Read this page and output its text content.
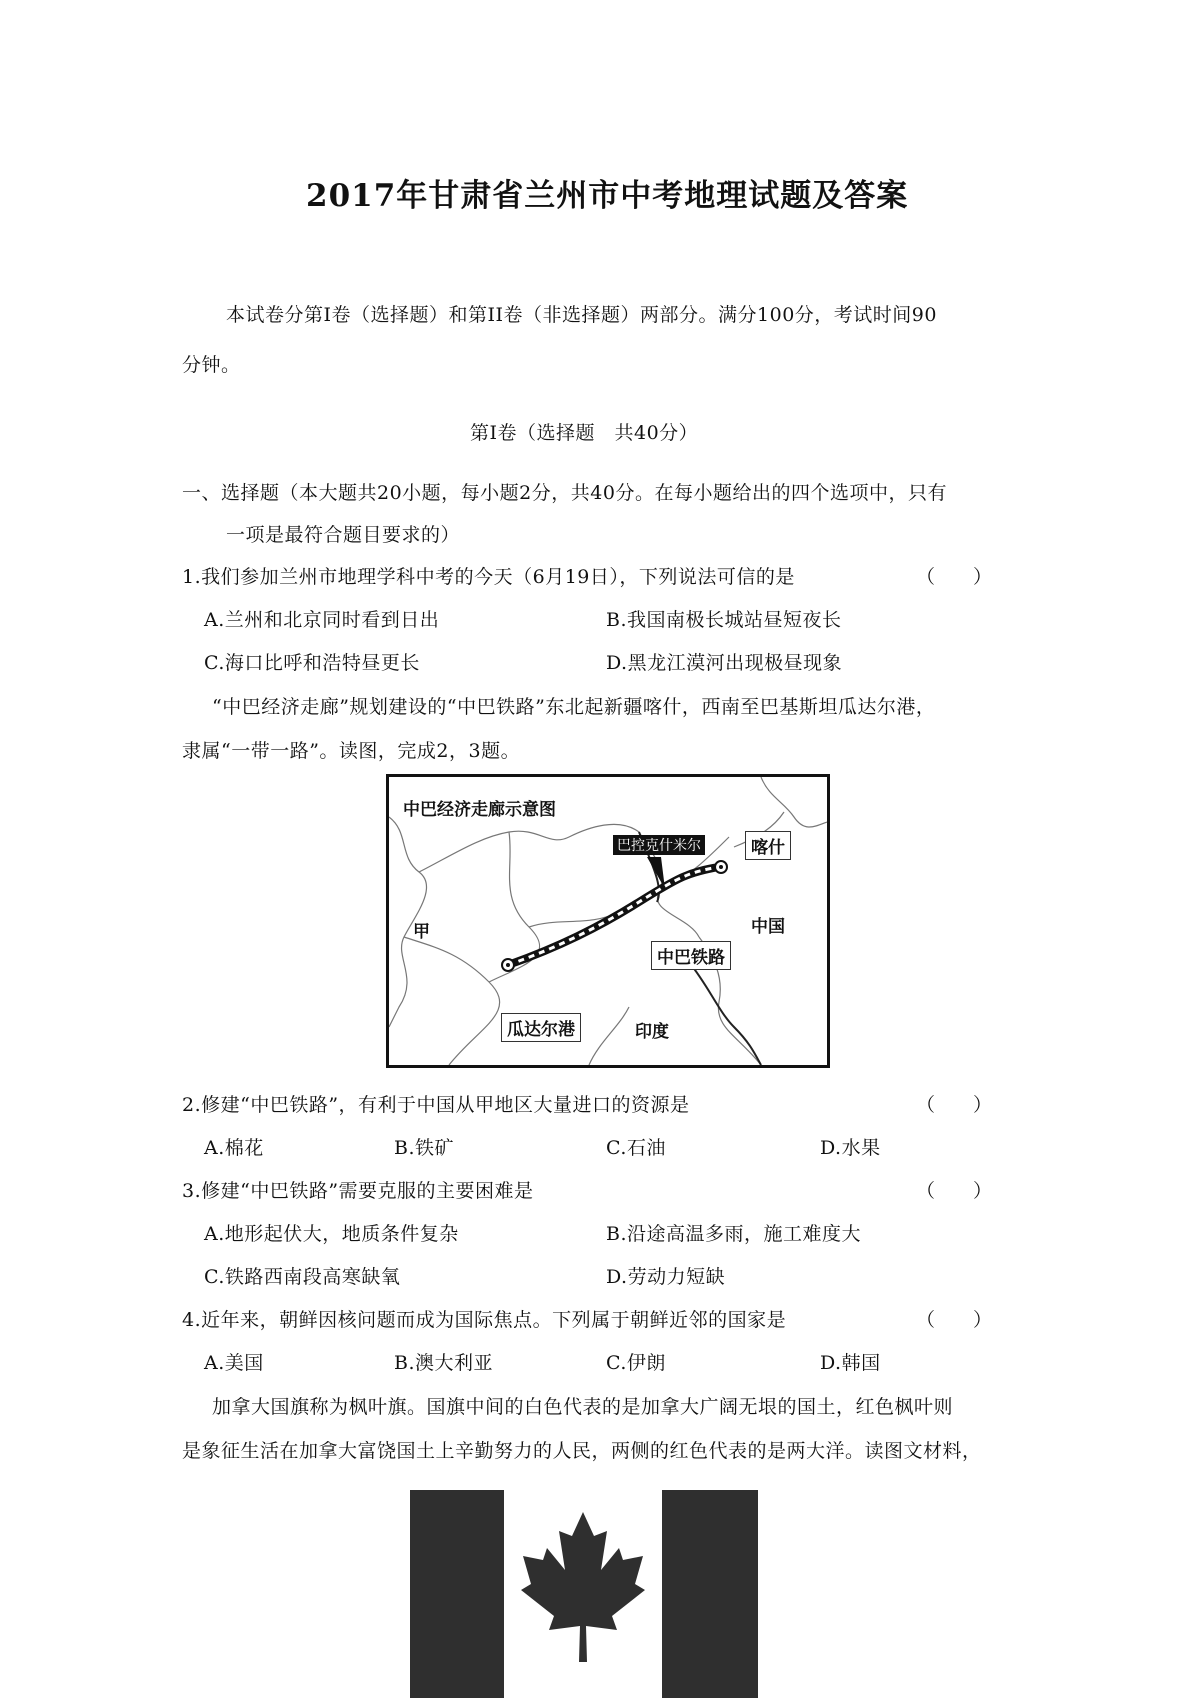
2017年甘肃省兰州市中考地理试题及答案
本试卷分第Ⅰ卷（选择题）和第II卷（非选择题）两部分。满分100分，考试时间90
分钟。
第Ⅰ卷（选择题　共40分）
一、选择题（本大题共20小题，每小题2分，共40分。在每小题给出的四个选项中，只有
一项是最符合题目要求的）
1.我们参加兰州市地理学科中考的今天（6月19日），下列说法可信的是	（　　）
A.兰州和北京同时看到日出	B.我国南极长城站昼短夜长
C.海口比呼和浩特昼更长	D.黑龙江漠河出现极昼现象
“中巴经济走廊”规划建设的“中巴铁路”东北起新疆喀什，西南至巴基斯坦瓜达尔港，
隶属“一带一路”。读图，完成2，3题。
中巴经济走廊示意图
巴控克什米尔	喀什
中国
甲
中巴铁路
瓜达尔港	印度
2.修建“中巴铁路”，有利于中国从甲地区大量进口的资源是	（　　）
A.棉花	B.铁矿	C.石油	D.水果
3.修建“中巴铁路”需要克服的主要困难是	（　　）
A.地形起伏大，地质条件复杂	B.沿途高温多雨，施工难度大
C.铁路西南段高寒缺氧	D.劳动力短缺
4.近年来，朝鲜因核问题而成为国际焦点。下列属于朝鲜近邻的国家是	（　　）
A.美国	B.澳大利亚	C.伊朗	D.韩国
加拿大国旗称为枫叶旗。国旗中间的白色代表的是加拿大广阔无垠的国土，红色枫叶则
是象征生活在加拿大富饶国土上辛勤努力的人民，两侧的红色代表的是两大洋。读图文材料，
